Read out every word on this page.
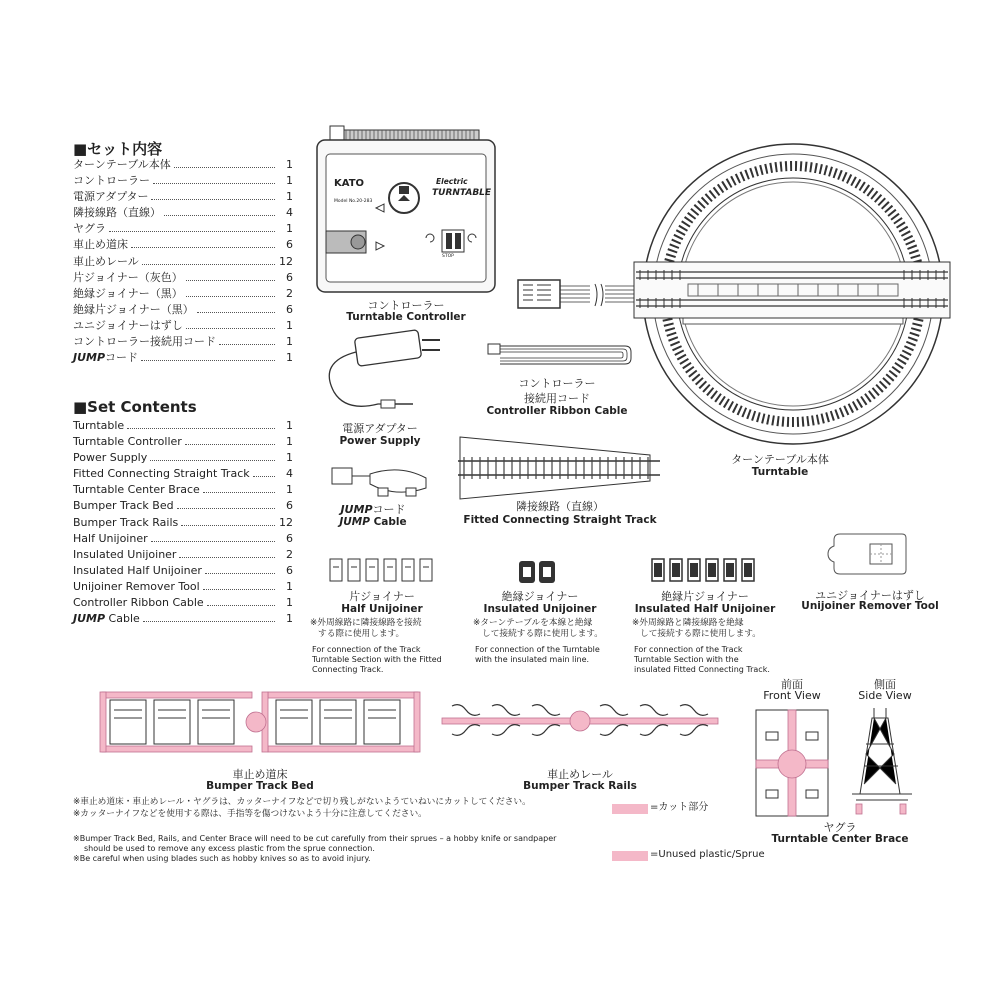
■セット内容
ターンテーブル本体	1
コントローラー	1
電源アダプター	1
隣接線路（直線）	4
ヤグラ	1
車止め道床	6
車止めレール	12
片ジョイナー（灰色）	6
絶縁ジョイナー（黒）	2
絶縁片ジョイナー（黒）	6
ユニジョイナーはずし	1
コントローラー接続用コード	1
JUMPコード	1
■Set Contents
Turntable	1
Turntable Controller	1
Power Supply	1
Fitted Connecting Straight Track	4
Turntable Center Brace	1
Bumper Track Bed	6
Bumper Track Rails	12
Half Unijoiner	6
Insulated Unijoiner	2
Insulated Half Unijoiner	6
Unijoiner Remover Tool	1
Controller Ribbon Cable	1
JUMP Cable	1
KATO
Model No.20-283
Electric
TURNTABLE
STOP
コントローラー
Turntable Controller
ターンテーブル本体
Turntable
コントローラー
接続用コード
Controller Ribbon Cable
電源アダプター
Power Supply
JUMPコード
JUMP Cable
隣接線路（直線）
Fitted Connecting Straight Track
片ジョイナー
Half Unijoiner
※外周線路に隣接線路を接続
する際に使用します。
For connection of the Track
Turntable Section with the Fitted
Connecting Track.
絶縁ジョイナー
Insulated Unijoiner
※ターンテーブルを本線と絶縁
して接続する際に使用します。
For connection of the Turntable
with the insulated main line.
絶縁片ジョイナー
Insulated Half Unijoiner
※外周線路と隣接線路を絶縁
して接続する際に使用します。
For connection of the Track
Turntable Section with the
insulated Fitted Connecting Track.
ユニジョイナーはずし
Unijoiner Remover Tool
車止め道床
Bumper Track Bed
車止めレール
Bumper Track Rails
前面
Front View
側面
Side View
ヤグラ
Turntable Center Brace
=カット部分
=Unused plastic/Sprue
※車止め道床・車止めレール・ヤグラは、カッターナイフなどで切り残しがないようていねいにカットしてください。
※カッターナイフなどを使用する際は、手指等を傷つけないよう十分に注意してください。
※Bumper Track Bed, Rails, and Center Brace will need to be cut carefully from their sprues – a hobby knife or sandpaper
should be used to remove any excess plastic from the sprue connection.
※Be careful when using blades such as hobby knives so as to avoid injury.
